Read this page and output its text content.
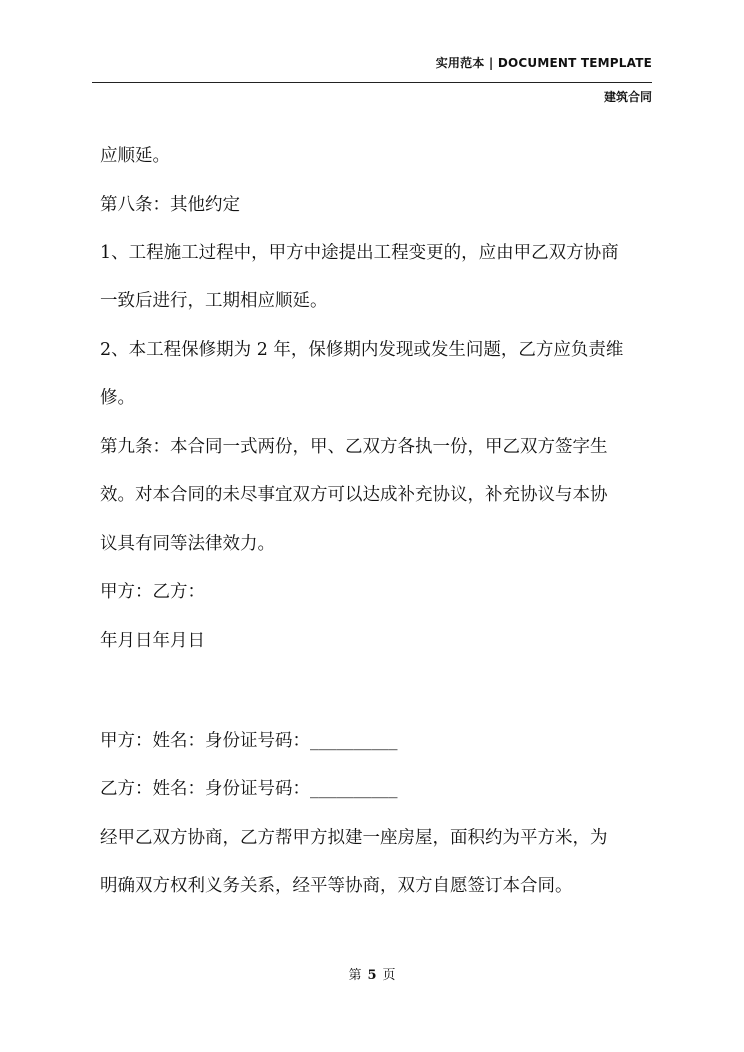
实用范本 | DOCUMENT TEMPLATE
建筑合同
应顺延。
第八条：其他约定
1、工程施工过程中，甲方中途提出工程变更的，应由甲乙双方协商
一致后进行，工期相应顺延。
2、本工程保修期为 2 年，保修期内发现或发生问题，乙方应负责维
修。
第九条：本合同一式两份，甲、乙双方各执一份，甲乙双方签字生
效。对本合同的未尽事宜双方可以达成补充协议，补充协议与本协
议具有同等法律效力。
甲方：乙方：
年月日年月日
甲方：姓名：身份证号码：__________
乙方：姓名：身份证号码：__________
经甲乙双方协商，乙方帮甲方拟建一座房屋，面积约为平方米，为
明确双方权利义务关系，经平等协商，双方自愿签订本合同。
第 5 页
